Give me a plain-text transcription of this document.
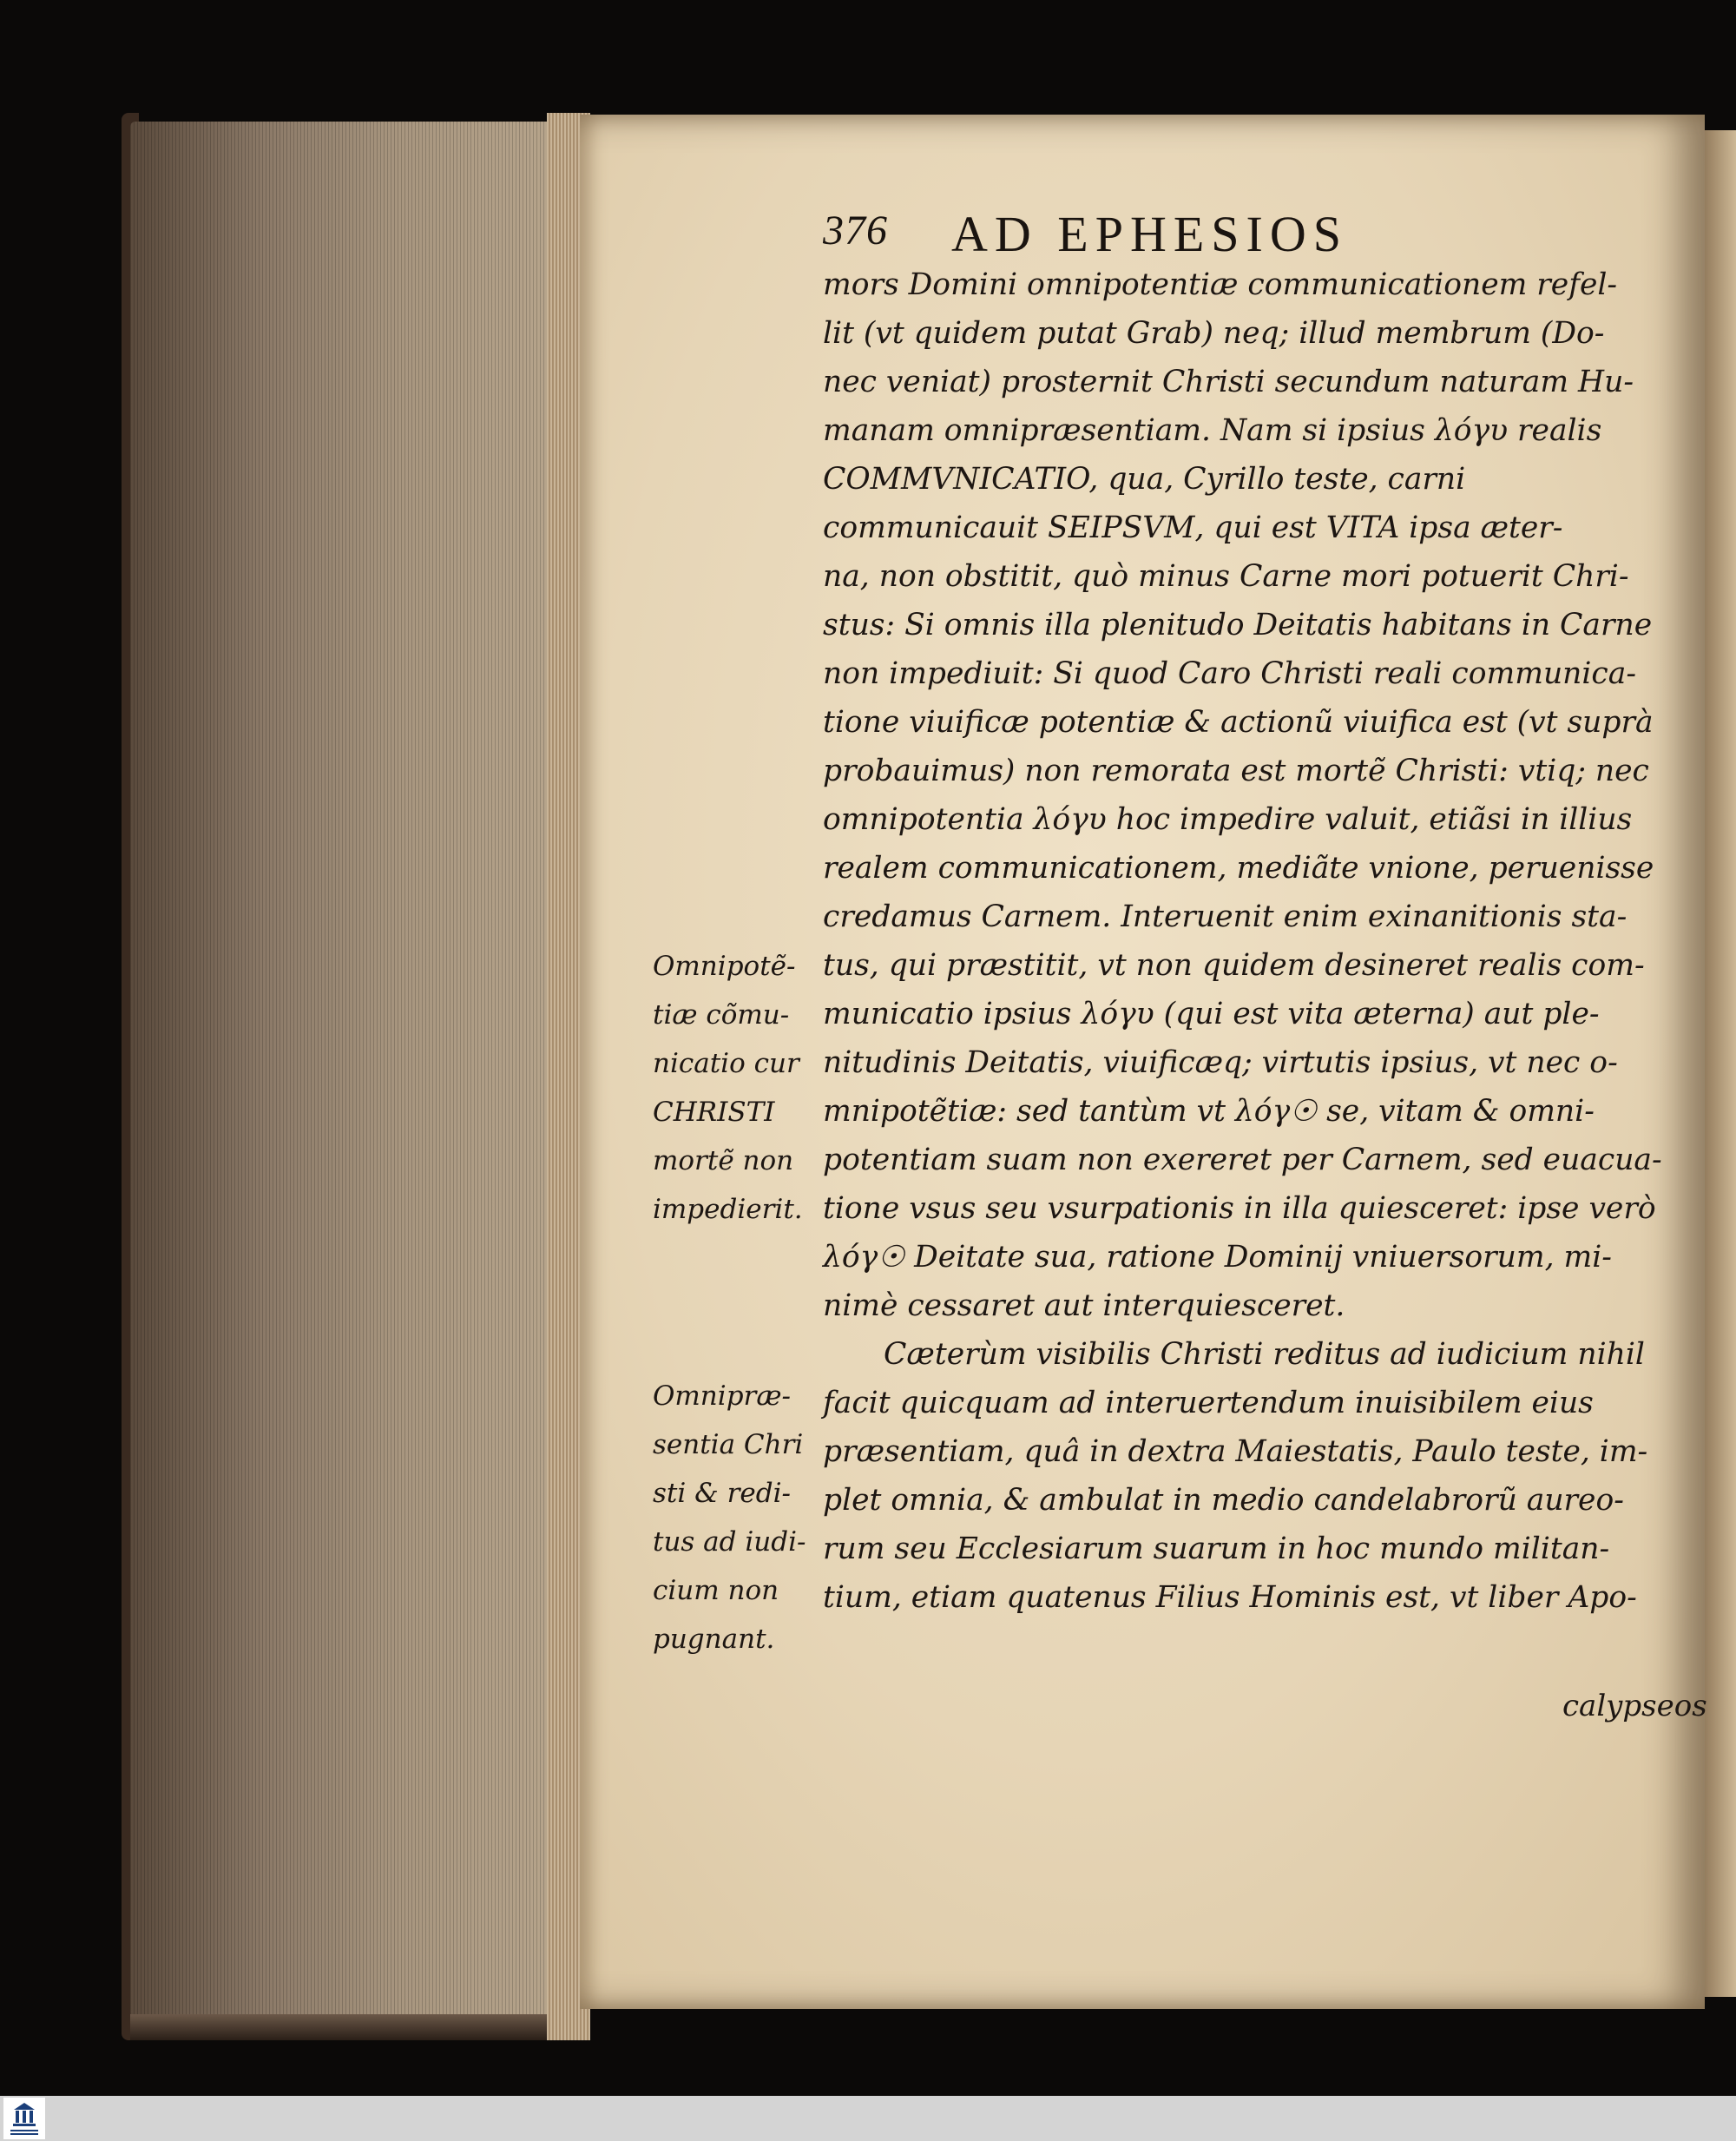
376 AD EPHESIOS
mors Domini omnipotentiæ communicationem refel-
lit (vt quidem putat Grab) neq; illud membrum (Do-
nec veniat) prosternit Christi secundum naturam Hu-
manam omnipræsentiam. Nam si ipsius λόγυ realis
COMMVNICATIO, qua, Cyrillo teste, carni
communicauit SEIPSVM, qui est VITA ipsa æter-
na, non obstitit, quò minus Carne mori potuerit Chri-
stus: Si omnis illa plenitudo Deitatis habitans in Carne
non impediuit: Si quod Caro Christi reali communica-
tione viuificæ potentiæ & actionũ viuifica est (vt suprà
probauimus) non remorata est mortẽ Christi: vtiq; nec
omnipotentia λόγυ hoc impedire valuit, etiãsi in illius
realem communicationem, mediãte vnione, peruenisse
credamus Carnem. Interuenit enim exinanitionis sta-
tus, qui præstitit, vt non quidem desineret realis com-
municatio ipsius λόγυ (qui est vita æterna) aut ple-
nitudinis Deitatis, viuificæq; virtutis ipsius, vt nec o-
mnipotẽtiæ: sed tantùm vt λόγ☉ se, vitam & omni-
potentiam suam non exereret per Carnem, sed euacua-
tione vsus seu vsurpationis in illa quiesceret: ipse verò
λόγ☉ Deitate sua, ratione Dominij vniuersorum, mi-
nimè cessaret aut interquiesceret.
Cæterùm visibilis Christi reditus ad iudicium nihil
facit quicquam ad interuertendum inuisibilem eius
præsentiam, quâ in dextra Maiestatis, Paulo teste, im-
plet omnia, & ambulat in medio candelabrorũ aureo-
rum seu Ecclesiarum suarum in hoc mundo militan-
tium, etiam quatenus Filius Hominis est, vt liber Apo-
calypseos
Omnipotẽ-
tiæ cõmu-
nicatio cur
CHRISTI
mortẽ non
impedierit.
Omnipræ-
sentia Chri
sti & redi-
tus ad iudi-
cium non
pugnant.
